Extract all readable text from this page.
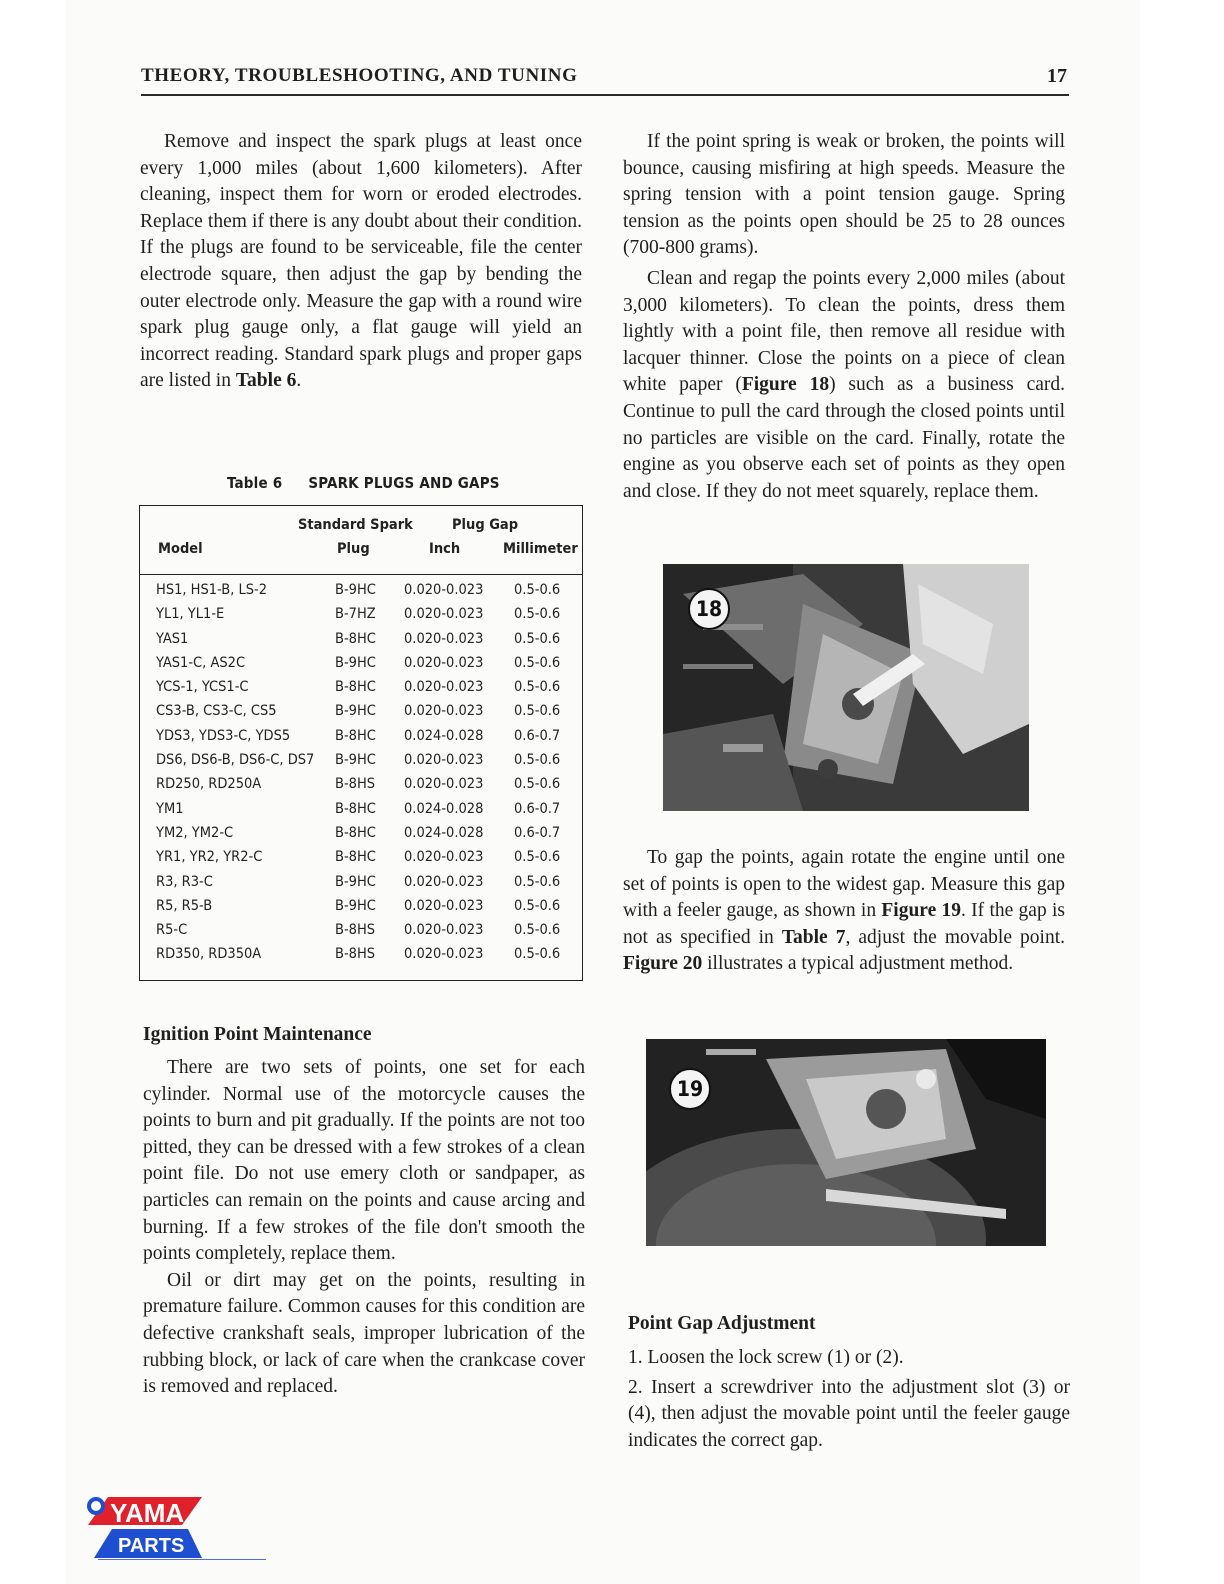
THEORY, TROUBLESHOOTING, AND TUNING	17

Remove and inspect the spark plugs at least once every 1,000 miles (about 1,600 kilometers). After cleaning, inspect them for worn or eroded electrodes. Replace them if there is any doubt about their condition. If the plugs are found to be serviceable, file the center electrode square, then adjust the gap by bending the outer electrode only. Measure the gap with a round wire spark plug gauge only, a flat gauge will yield an incorrect reading. Standard spark plugs and proper gaps are listed in Table 6.

Table 6 SPARK PLUGS AND GAPS
Standard Spark	Plug Gap
Model	Plug	Inch	Millimeter
HS1, HS1-B, LS-2	B-9HC 0.020-0.023 0.5-0.6
YL1, YL1-E	B-7HZ 0.020-0.023 0.5-0.6
YAS1	B-8HC 0.020-0.023 0.5-0.6
YAS1-C, AS2C	B-9HC 0.020-0.023 0.5-0.6
YCS-1, YCS1-C	B-8HC 0.020-0.023 0.5-0.6
CS3-B, CS3-C, CS5	B-9HC 0.020-0.023 0.5-0.6
YDS3, YDS3-C, YDS5	B-8HC 0.024-0.028 0.6-0.7
DS6, DS6-B, DS6-C, DS7 B-9HC 0.020-0.023 0.5-0.6
RD250, RD250A	B-8HS 0.020-0.023 0.5-0.6
YM1	B-8HC 0.024-0.028 0.6-0.7
YM2, YM2-C	B-8HC 0.024-0.028 0.6-0.7
YR1, YR2, YR2-C	B-8HC 0.020-0.023 0.5-0.6
R3, R3-C	B-9HC 0.020-0.023 0.5-0.6
R5, R5-B	B-9HC 0.020-0.023 0.5-0.6
R5-C	B-8HS 0.020-0.023 0.5-0.6
RD350, RD350A	B-8HS 0.020-0.023 0.5-0.6

Ignition Point Maintenance

There are two sets of points, one set for each cylinder. Normal use of the motorcycle causes the points to burn and pit gradually. If the points are not too pitted, they can be dressed with a few strokes of a clean point file. Do not use emery cloth or sandpaper, as particles can remain on the points and cause arcing and burning. If a few strokes of the file don't smooth the points completely, replace them.

Oil or dirt may get on the points, resulting in premature failure. Common causes for this condition are defective crankshaft seals, improper lubrication of the rubbing block, or lack of care when the crankcase cover is removed and replaced.

If the point spring is weak or broken, the points will bounce, causing misfiring at high speeds. Measure the spring tension with a point tension gauge. Spring tension as the points open should be 25 to 28 ounces (700-800 grams).

Clean and regap the points every 2,000 miles (about 3,000 kilometers). To clean the points, dress them lightly with a point file, then remove all residue with lacquer thinner. Close the points on a piece of clean white paper (Figure 18) such as a business card. Continue to pull the card through the closed points until no particles are visible on the card. Finally, rotate the engine as you observe each set of points as they open and close. If they do not meet squarely, replace them.

18

To gap the points, again rotate the engine until one set of points is open to the widest gap. Measure this gap with a feeler gauge, as shown in Figure 19. If the gap is not as specified in Table 7, adjust the movable point. Figure 20 illustrates a typical adjustment method.

19

Point Gap Adjustment

1. Loosen the lock screw (1) or (2).

2. Insert a screwdriver into the adjustment slot (3) or (4), then adjust the movable point until the feeler gauge indicates the correct gap.

YAMA
PARTS
